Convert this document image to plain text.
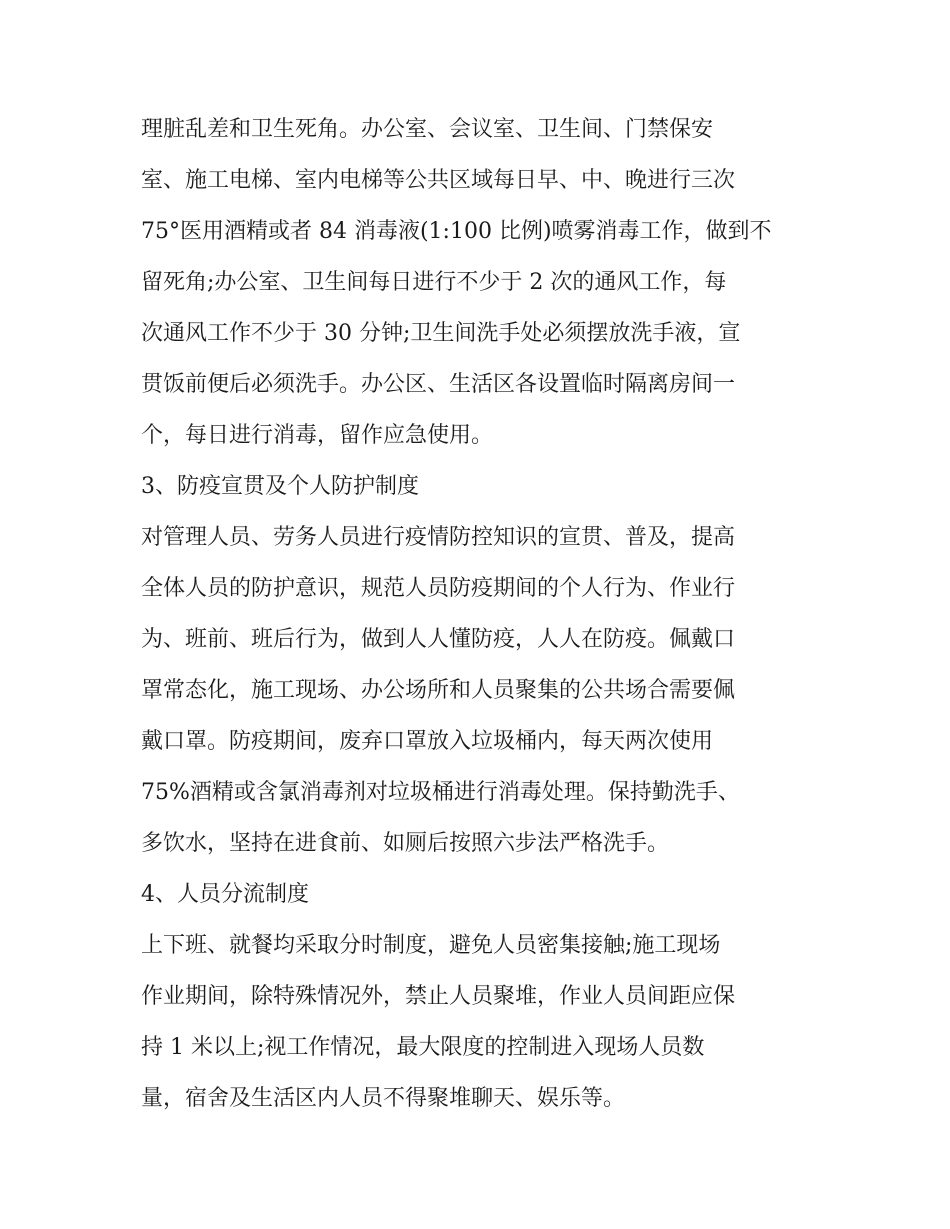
理脏乱差和卫生死角。办公室、会议室、卫生间、门禁保安
室、施工电梯、室内电梯等公共区域每日早、中、晚进行三次
75°医用酒精或者 84 消毒液(1:100 比例)喷雾消毒工作，做到不
留死角;办公室、卫生间每日进行不少于 2 次的通风工作，每
次通风工作不少于 30 分钟;卫生间洗手处必须摆放洗手液，宣
贯饭前便后必须洗手。办公区、生活区各设置临时隔离房间一
个，每日进行消毒，留作应急使用。
3、防疫宣贯及个人防护制度
对管理人员、劳务人员进行疫情防控知识的宣贯、普及，提高
全体人员的防护意识，规范人员防疫期间的个人行为、作业行
为、班前、班后行为，做到人人懂防疫，人人在防疫。佩戴口
罩常态化，施工现场、办公场所和人员聚集的公共场合需要佩
戴口罩。防疫期间，废弃口罩放入垃圾桶内，每天两次使用
75%酒精或含氯消毒剂对垃圾桶进行消毒处理。保持勤洗手、
多饮水，坚持在进食前、如厕后按照六步法严格洗手。
4、人员分流制度
上下班、就餐均采取分时制度，避免人员密集接触;施工现场
作业期间，除特殊情况外，禁止人员聚堆，作业人员间距应保
持 1 米以上;视工作情况，最大限度的控制进入现场人员数
量，宿舍及生活区内人员不得聚堆聊天、娱乐等。
